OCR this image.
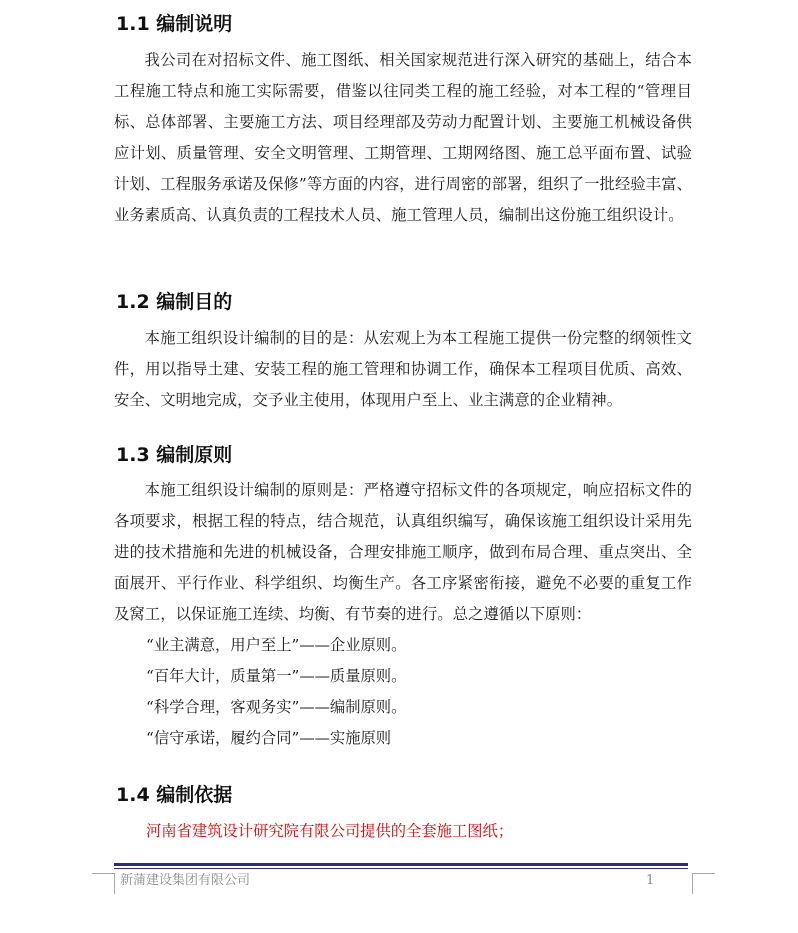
1.1 编制说明

我公司在对招标文件、施工图纸、相关国家规范进行深入研究的基础上，结合本工程施工特点和施工实际需要，借鉴以往同类工程的施工经验，对本工程的“管理目标、总体部署、主要施工方法、项目经理部及劳动力配置计划、主要施工机械设备供应计划、质量管理、安全文明管理、工期管理、工期网络图、施工总平面布置、试验计划、工程服务承诺及保修”等方面的内容，进行周密的部署，组织了一批经验丰富、业务素质高、认真负责的工程技术人员、施工管理人员，编制出这份施工组织设计。

1.2 编制目的

本施工组织设计编制的目的是：从宏观上为本工程施工提供一份完整的纲领性文件，用以指导土建、安装工程的施工管理和协调工作，确保本工程项目优质、高效、安全、文明地完成，交予业主使用，体现用户至上、业主满意的企业精神。

1.3 编制原则

本施工组织设计编制的原则是：严格遵守招标文件的各项规定，响应招标文件的各项要求，根据工程的特点，结合规范，认真组织编写，确保该施工组织设计采用先进的技术措施和先进的机械设备，合理安排施工顺序，做到布局合理、重点突出、全面展开、平行作业、科学组织、均衡生产。各工序紧密衔接，避免不必要的重复工作及窝工，以保证施工连续、均衡、有节奏的进行。总之遵循以下原则：

“业主满意，用户至上”——企业原则。
“百年大计，质量第一”——质量原则。
“科学合理，客观务实”——编制原则。
“信守承诺，履约合同”——实施原则
1.4 编制依据

河南省建筑设计研究院有限公司提供的全套施工图纸；

新蒲建设集团有限公司	1
